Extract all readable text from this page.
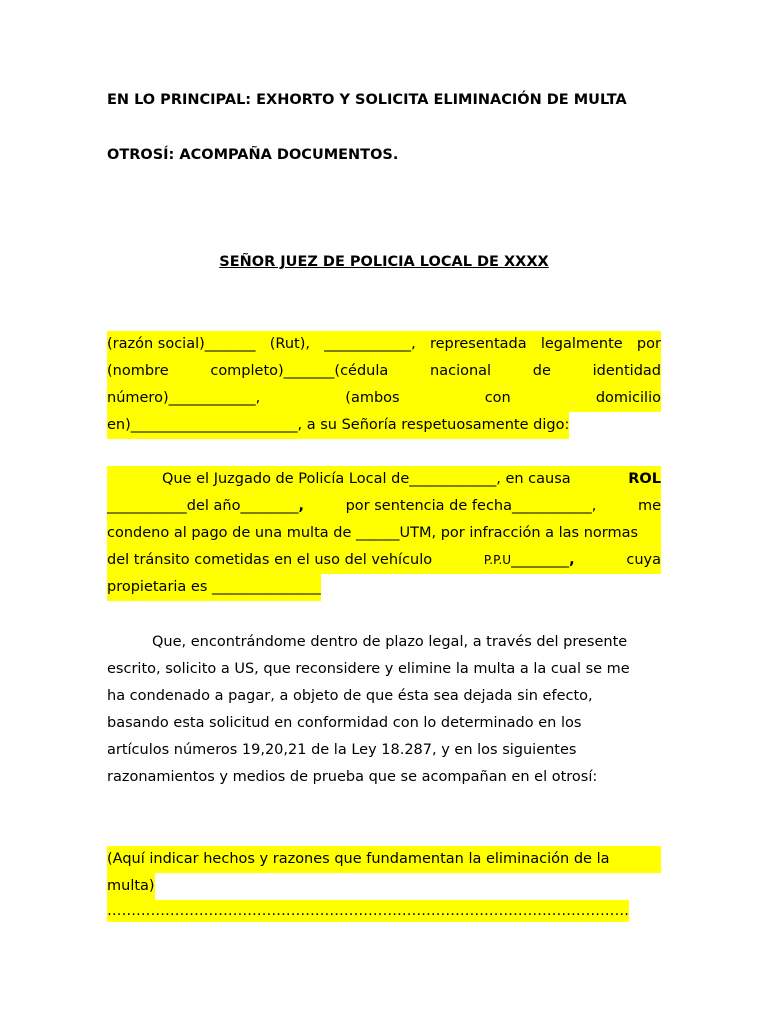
EN LO PRINCIPAL: EXHORTO Y SOLICITA ELIMINACIÓN DE MULTA
OTROSÍ: ACOMPAÑA DOCUMENTOS.
SEÑOR JUEZ DE POLICIA LOCAL DE XXXX
(razón social)_______ (Rut), ____________, representada legalmente por
(nombre	completo)_______(cédula	nacional	de	identidad
número)____________,	(ambos	con	domicilio
en)_______________________, a su Señoría respetuosamente digo:
Que el Juzgado de Policía Local de____________, en causa	ROL
___________del año________,	por sentencia de fecha___________,	me
condeno al pago de una multa de ______UTM, por infracción a las normas
del tránsito cometidas en el uso del vehículo	P.P.U________,	cuya
propietaria es _______________
Que, encontrándome dentro de plazo legal, a través del presente
escrito, solicito a US, que reconsidere y elimine la multa a la cual se me
ha condenado a pagar, a objeto de que ésta sea dejada sin efecto,
basando esta solicitud en conformidad con lo determinado en los
artículos números 19,20,21 de la Ley 18.287, y en los siguientes
razonamientos y medios de prueba que se acompañan en el otrosí:
(Aquí indicar hechos y razones que fundamentan la eliminación de la
multa)
………………………………………………………………………………………………
